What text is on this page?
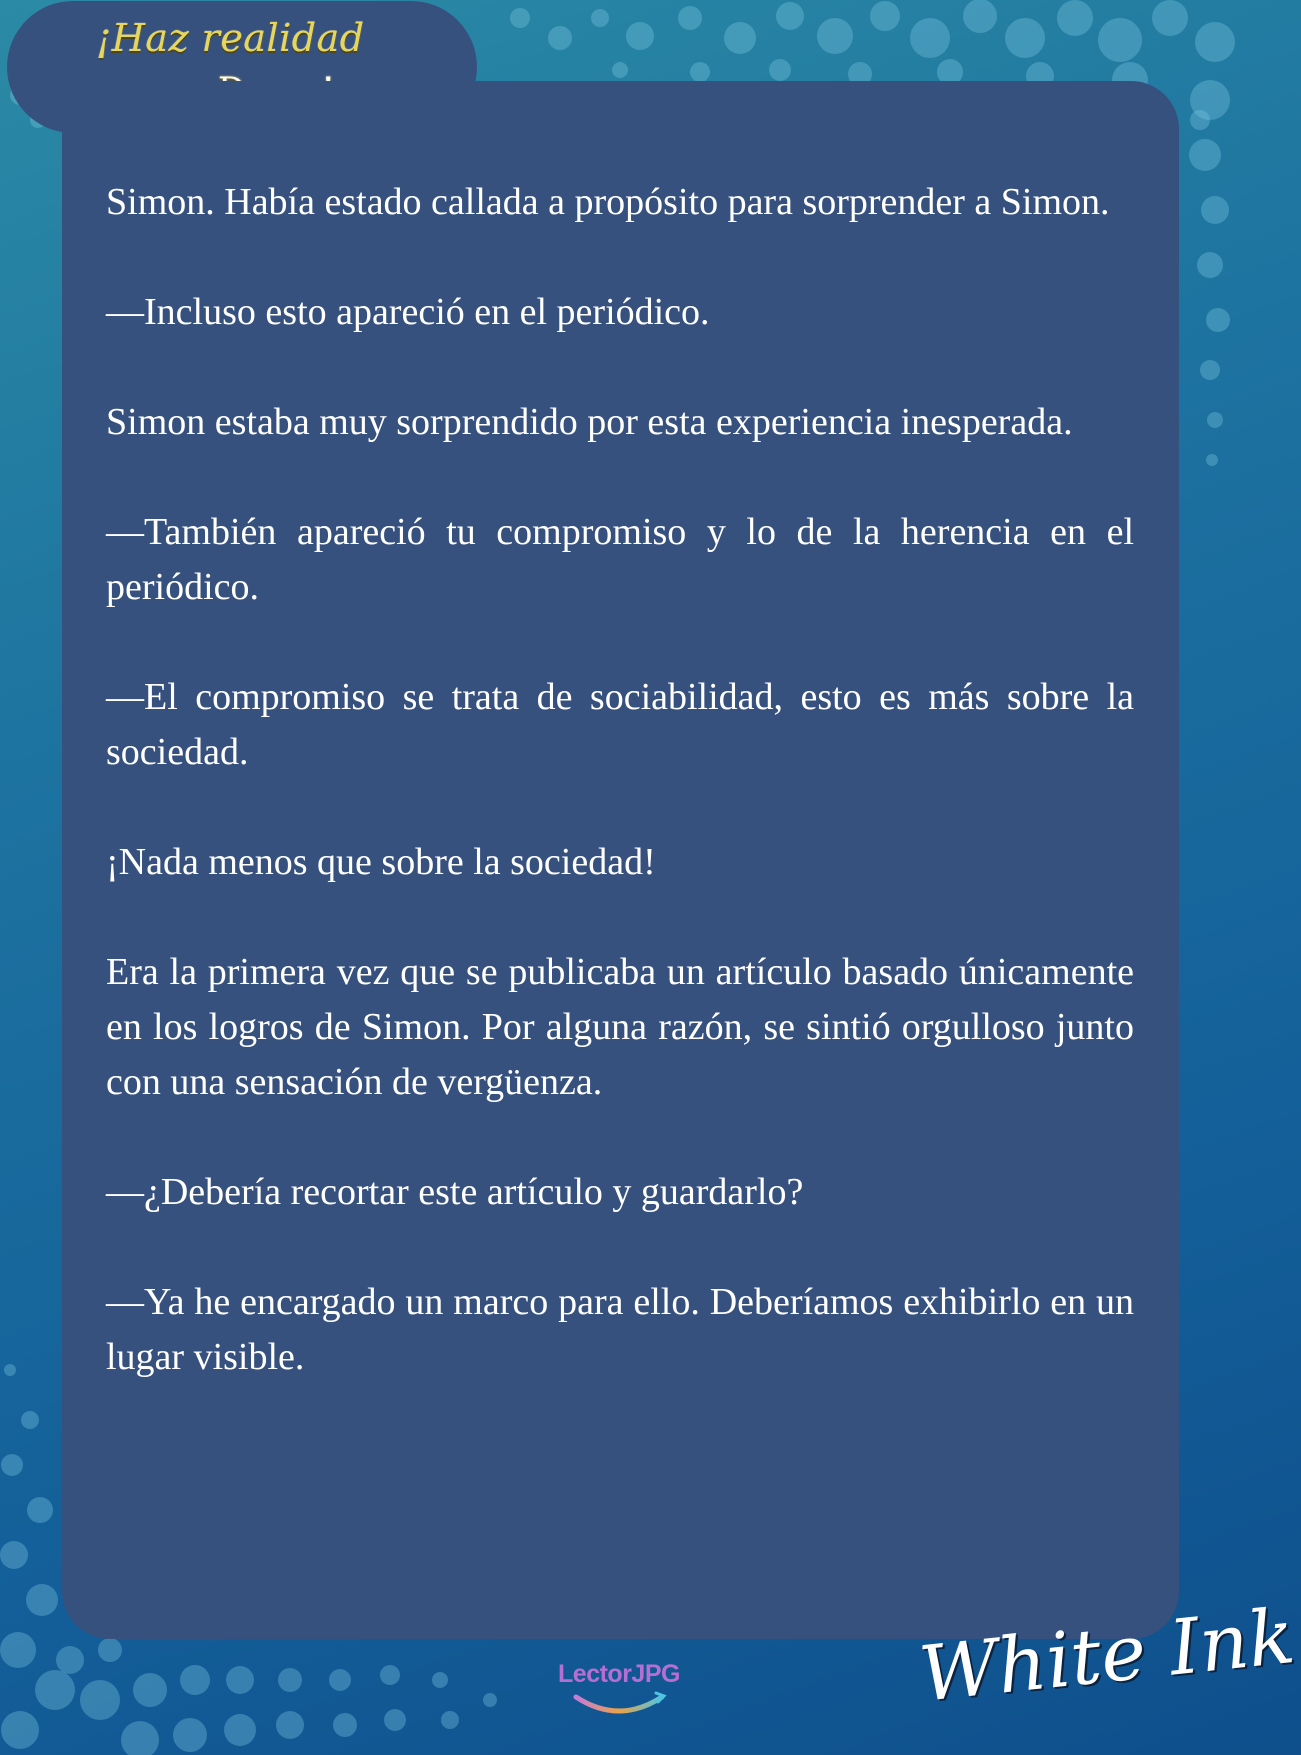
¡Haz realidad

Simon. Había estado callada a propósito para sorprender a Simon.

—Incluso esto apareció en el periódico.

Simon estaba muy sorprendido por esta experiencia inesperada.

—También apareció tu compromiso y lo de la herencia en el periódico.

—El compromiso se trata de sociabilidad, esto es más sobre la sociedad.

¡Nada menos que sobre la sociedad!

Era la primera vez que se publicaba un artículo basado únicamente en los logros de Simon. Por alguna razón, se sintió orgulloso junto con una sensación de vergüenza.

—¿Debería recortar este artículo y guardarlo?

—Ya he encargado un marco para ello. Deberíamos exhibirlo en un lugar visible.

LectorJPG	White Ink
